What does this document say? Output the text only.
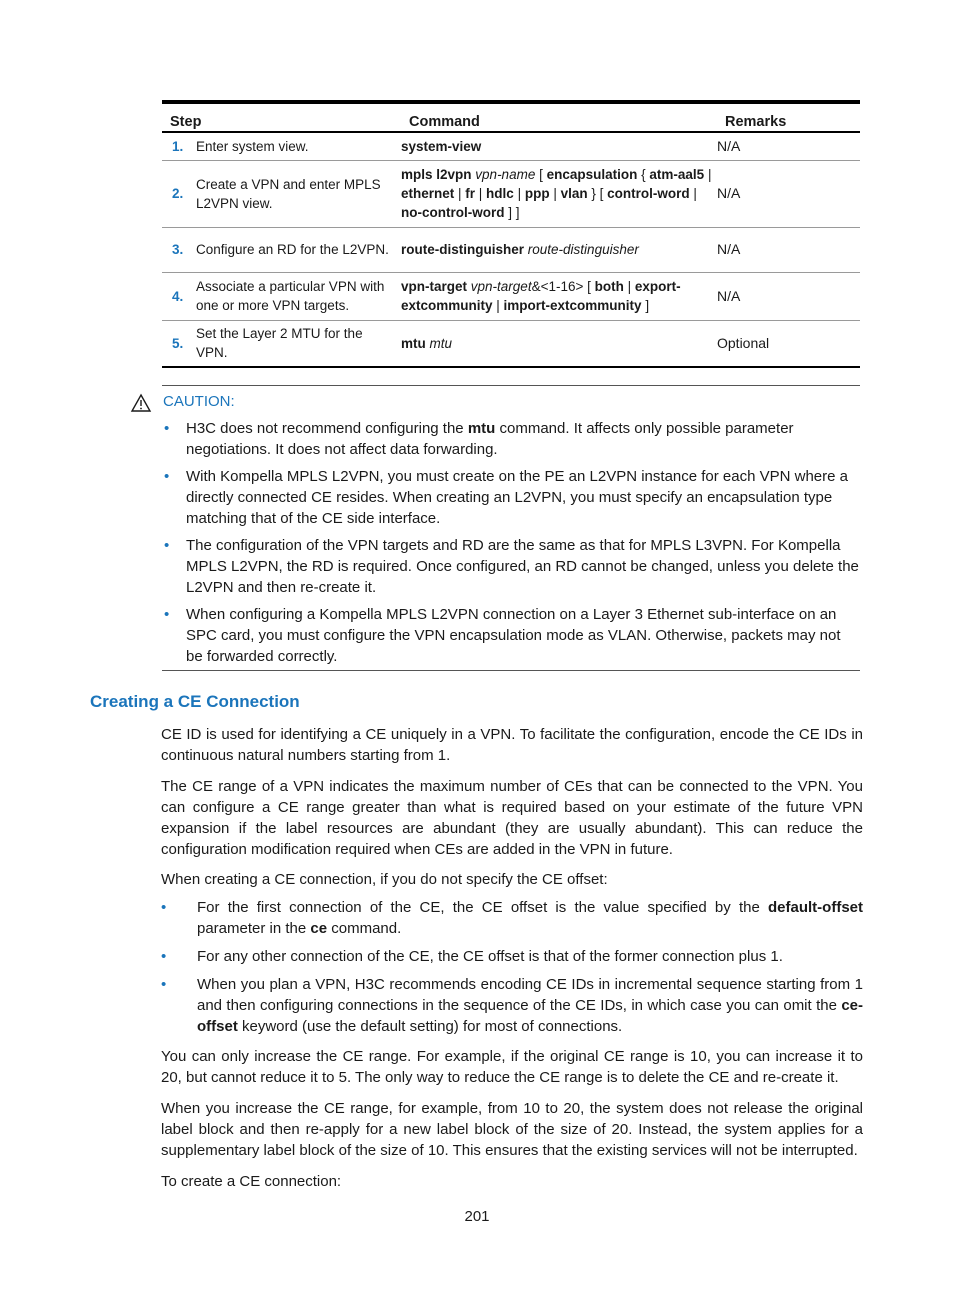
Step		Command	Remarks
1.	Enter system view.	system-view	N/A
2.	Create a VPN and enter MPLS L2VPN view.	mpls l2vpn vpn-name [ encapsulation { atm-aal5 | ethernet | fr | hdlc | ppp | vlan } [ control-word | no-control-word ] ]	N/A
3.	Configure an RD for the L2VPN.	route-distinguisher route-distinguisher	N/A
4.	Associate a particular VPN with one or more VPN targets.	vpn-target vpn-target&<1-16> [ both | export-extcommunity | import-extcommunity ]	N/A
5.	Set the Layer 2 MTU for the VPN.	mtu mtu	Optional
CAUTION:
• H3C does not recommend configuring the mtu command. It affects only possible parameter negotiations. It does not affect data forwarding.
• With Kompella MPLS L2VPN, you must create on the PE an L2VPN instance for each VPN where a directly connected CE resides. When creating an L2VPN, you must specify an encapsulation type matching that of the CE side interface.
• The configuration of the VPN targets and RD are the same as that for MPLS L3VPN. For Kompella MPLS L2VPN, the RD is required. Once configured, an RD cannot be changed, unless you delete the L2VPN and then re-create it.
• When configuring a Kompella MPLS L2VPN connection on a Layer 3 Ethernet sub-interface on an SPC card, you must configure the VPN encapsulation mode as VLAN. Otherwise, packets may not be forwarded correctly.
Creating a CE Connection

CE ID is used for identifying a CE uniquely in a VPN. To facilitate the configuration, encode the CE IDs in continuous natural numbers starting from 1.

The CE range of a VPN indicates the maximum number of CEs that can be connected to the VPN. You can configure a CE range greater than what is required based on your estimate of the future VPN expansion if the label resources are abundant (they are usually abundant). This can reduce the configuration modification required when CEs are added in the VPN in future.

When creating a CE connection, if you do not specify the CE offset:

• For the first connection of the CE, the CE offset is the value specified by the default-offset parameter in the ce command.
• For any other connection of the CE, the CE offset is that of the former connection plus 1.
• When you plan a VPN, H3C recommends encoding CE IDs in incremental sequence starting from 1 and then configuring connections in the sequence of the CE IDs, in which case you can omit the ce-offset keyword (use the default setting) for most of connections.

You can only increase the CE range. For example, if the original CE range is 10, you can increase it to 20, but cannot reduce it to 5. The only way to reduce the CE range is to delete the CE and re-create it.

When you increase the CE range, for example, from 10 to 20, the system does not release the original label block and then re-apply for a new label block of the size of 20. Instead, the system applies for a supplementary label block of the size of 10. This ensures that the existing services will not be interrupted.

To create a CE connection:

201
